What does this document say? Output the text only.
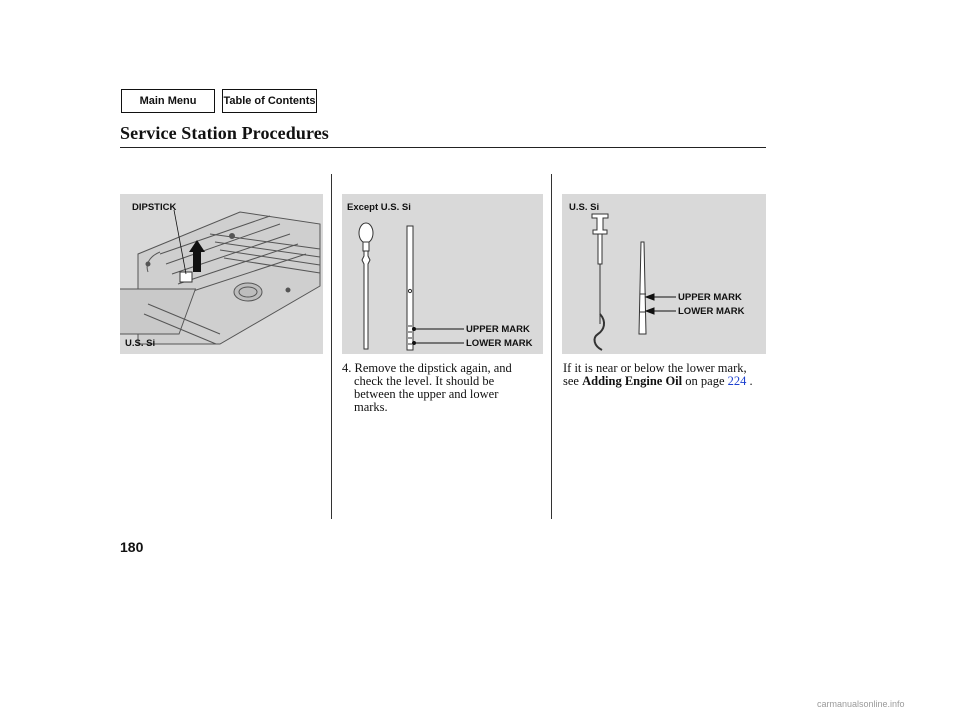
Main Menu	Table of Contents
Service Station Procedures
DIPSTICK
U.S. Si
Except U.S. Si
UPPER MARK
LOWER MARK
U.S. Si
UPPER MARK
LOWER MARK
4. Remove the dipstick again, and
check the level. It should be
between the upper and lower
marks.
If it is near or below the lower mark,
see Adding Engine Oil on page 224 .
180
carmanualsonline.info
